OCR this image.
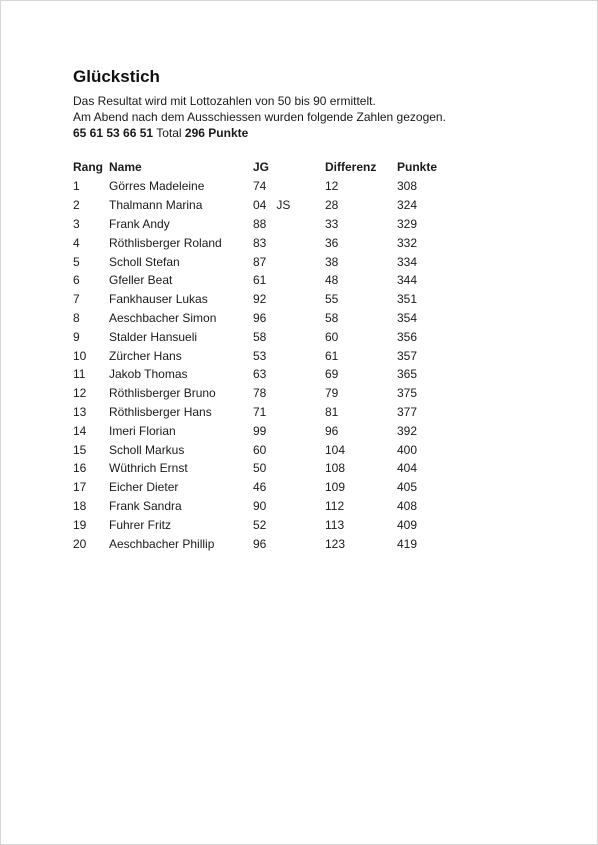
Glückstich

Das Resultat wird mit Lottozahlen von 50 bis 90 ermittelt.

Am Abend nach dem Ausschiessen wurden folgende Zahlen gezogen.

65 61 53 66 51 Total 296 Punkte

Rang	Name	JG	Differenz	Punkte
1	Görres Madeleine	74	12	308
2	Thalmann Marina	04 JS	28	324
3	Frank Andy	88	33	329
4	Röthlisberger Roland	83	36	332
5	Scholl Stefan	87	38	334
6	Gfeller Beat	61	48	344
7	Fankhauser Lukas	92	55	351
8	Aeschbacher Simon	96	58	354
9	Stalder Hansueli	58	60	356
10	Zürcher Hans	53	61	357
11	Jakob Thomas	63	69	365
12	Röthlisberger Bruno	78	79	375
13	Röthlisberger Hans	71	81	377
14	Imeri Florian	99	96	392
15	Scholl Markus	60	104	400
16	Wüthrich Ernst	50	108	404
17	Eicher Dieter	46	109	405
18	Frank Sandra	90	112	408
19	Fuhrer Fritz	52	113	409
20	Aeschbacher Phillip	96	123	419
